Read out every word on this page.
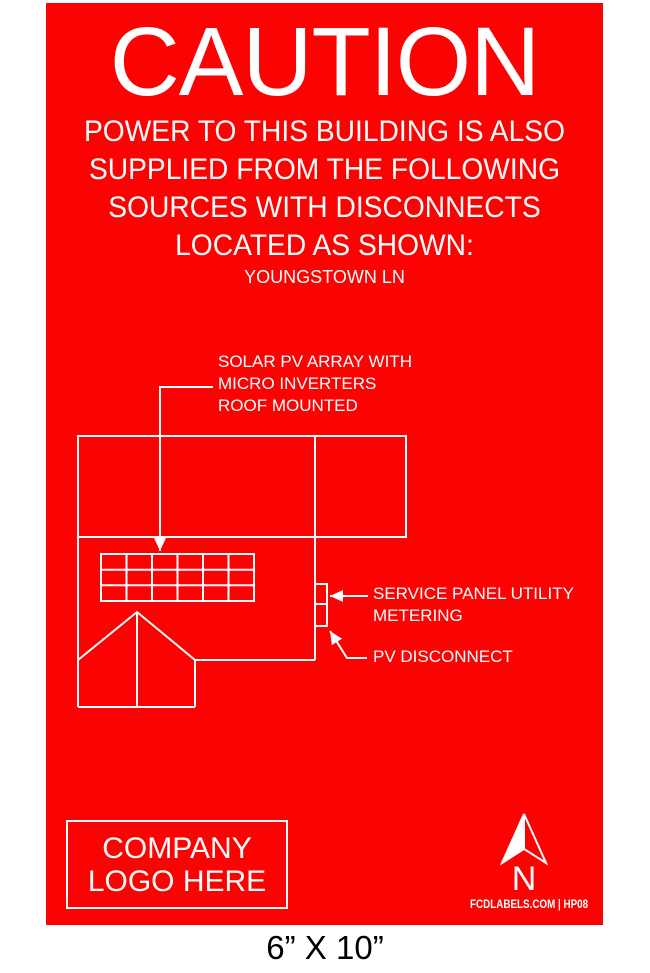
CAUTION
POWER TO THIS BUILDING IS ALSO
SUPPLIED FROM THE FOLLOWING
SOURCES WITH DISCONNECTS
LOCATED AS SHOWN:
YOUNGSTOWN LN
SOLAR PV ARRAY WITH
MICRO INVERTERS
ROOF MOUNTED
SERVICE PANEL UTILITY
METERING
PV DISCONNECT
COMPANY
LOGO HERE	N
FCDLABELS.COM | HP08
6” X 10”
